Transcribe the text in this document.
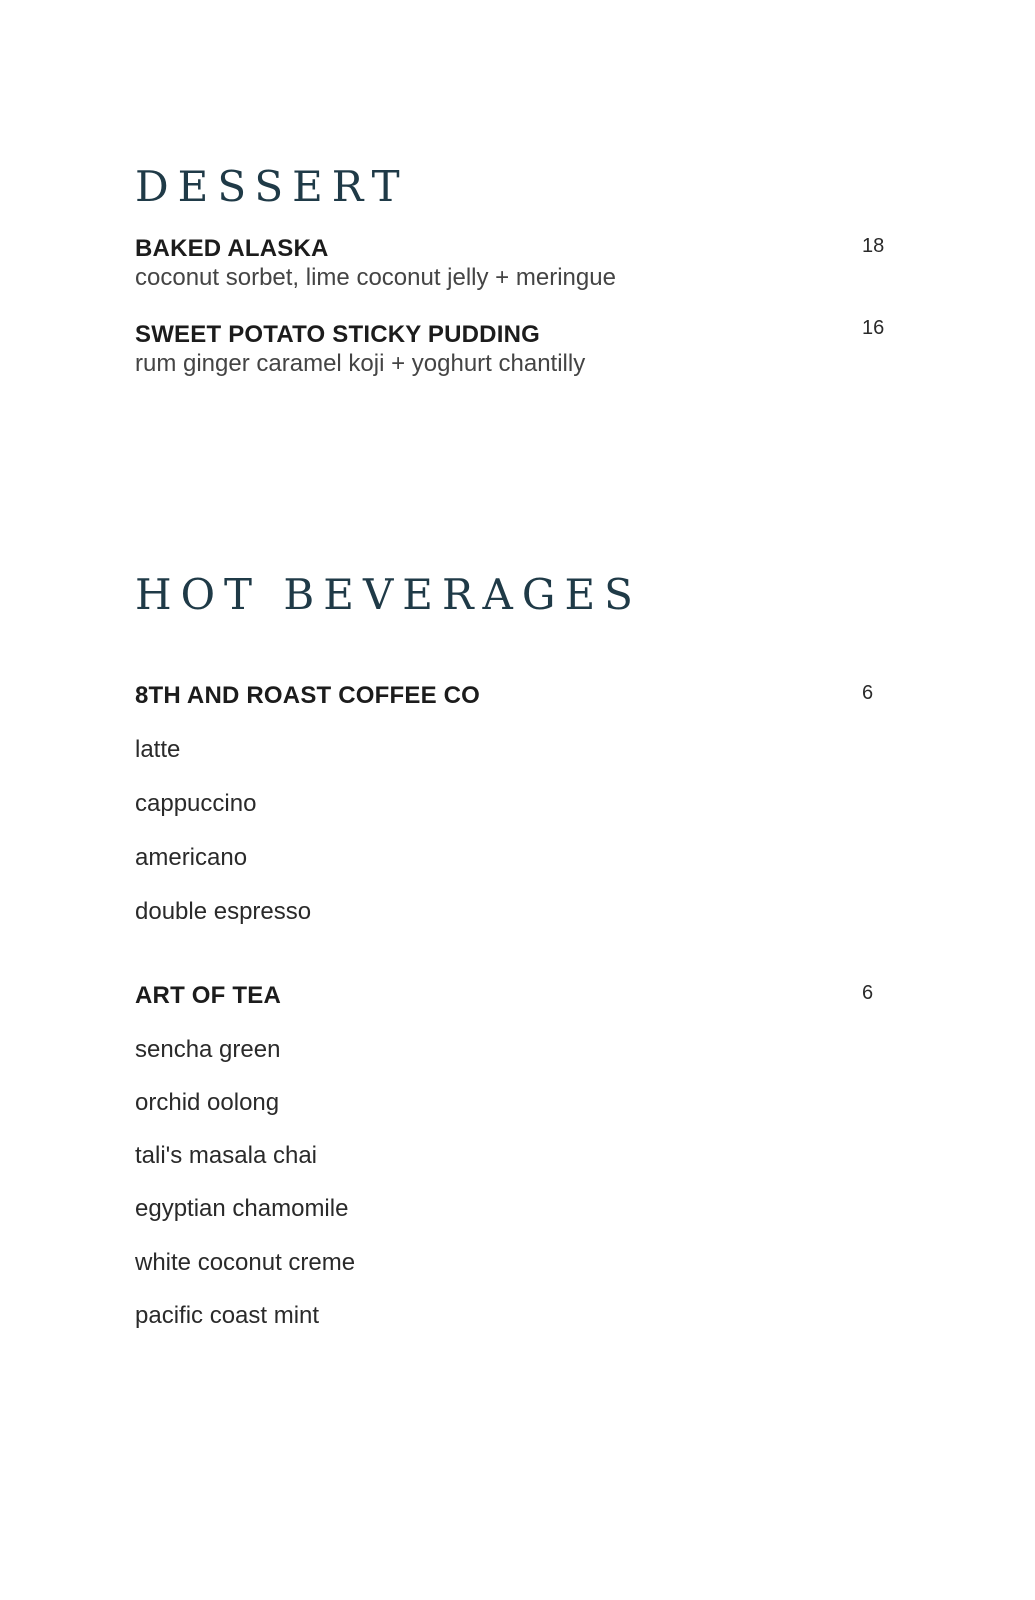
DESSERT
BAKED ALASKA	18
coconut sorbet, lime coconut jelly + meringue
SWEET POTATO STICKY PUDDING	16
rum ginger caramel koji + yoghurt chantilly
HOT BEVERAGES
8TH AND ROAST COFFEE CO	6
latte
cappuccino
americano
double espresso
ART OF TEA	6
sencha green
orchid oolong
tali's masala chai
egyptian chamomile
white coconut creme
pacific coast mint
